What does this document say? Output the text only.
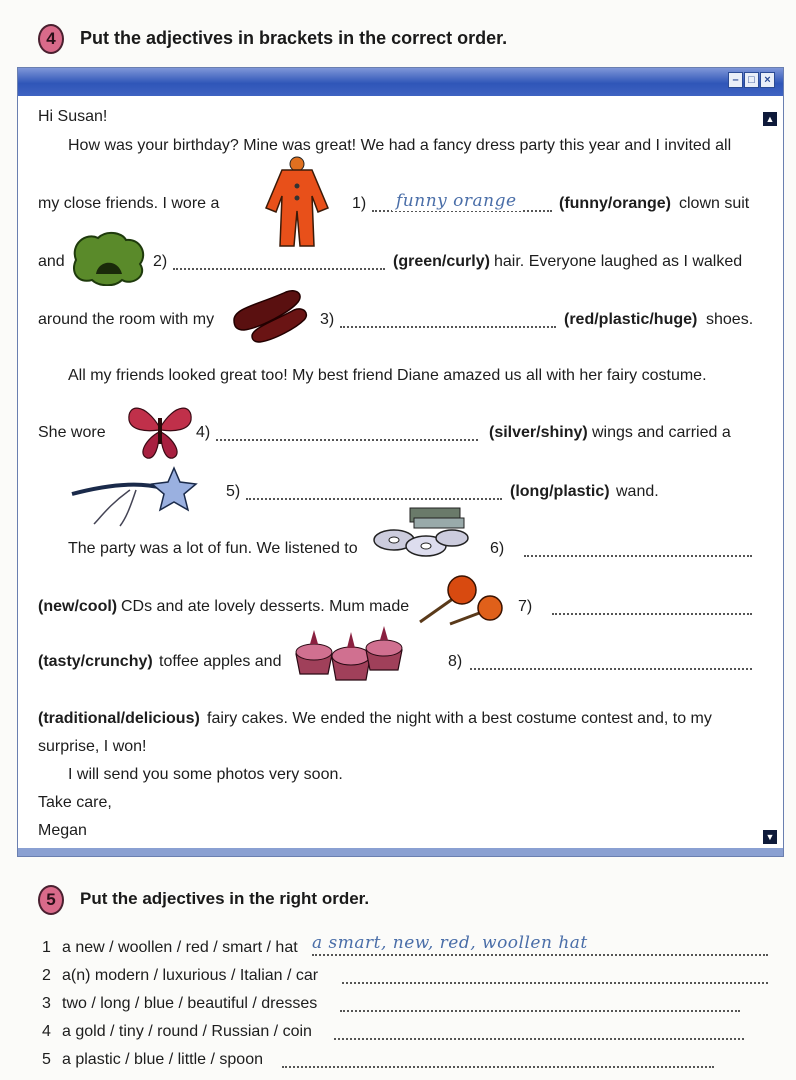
4	Put the adjectives in brackets in the correct order.
– □ ×
▲
▼
Hi Susan!
How was your birthday? Mine was great! We had a fancy dress party this year and I invited all
my close friends. I wore a	1) funny orange	(funny/orange) clown suit
and	2)	(green/curly) hair. Everyone laughed as I walked
around the room with my	3)	(red/plastic/huge) shoes.
All my friends looked great too! My best friend Diane amazed us all with her fairy costume.
She wore	4)	(silver/shiny) wings and carried a
5)	(long/plastic) wand.
The party was a lot of fun. We listened to	6)
(new/cool) CDs and ate lovely desserts. Mum made	7)
(tasty/crunchy) toffee apples and	8)
(traditional/delicious) fairy cakes. We ended the night with a best costume contest and, to my
surprise, I won!
I will send you some photos very soon.
Take care,
Megan
5	Put the adjectives in the right order.
1 a new / woollen / red / smart / hat a smart, new, red, woollen hat
2 a(n) modern / luxurious / Italian / car
3 two / long / blue / beautiful / dresses
4 a gold / tiny / round / Russian / coin
5 a plastic / blue / little / spoon
